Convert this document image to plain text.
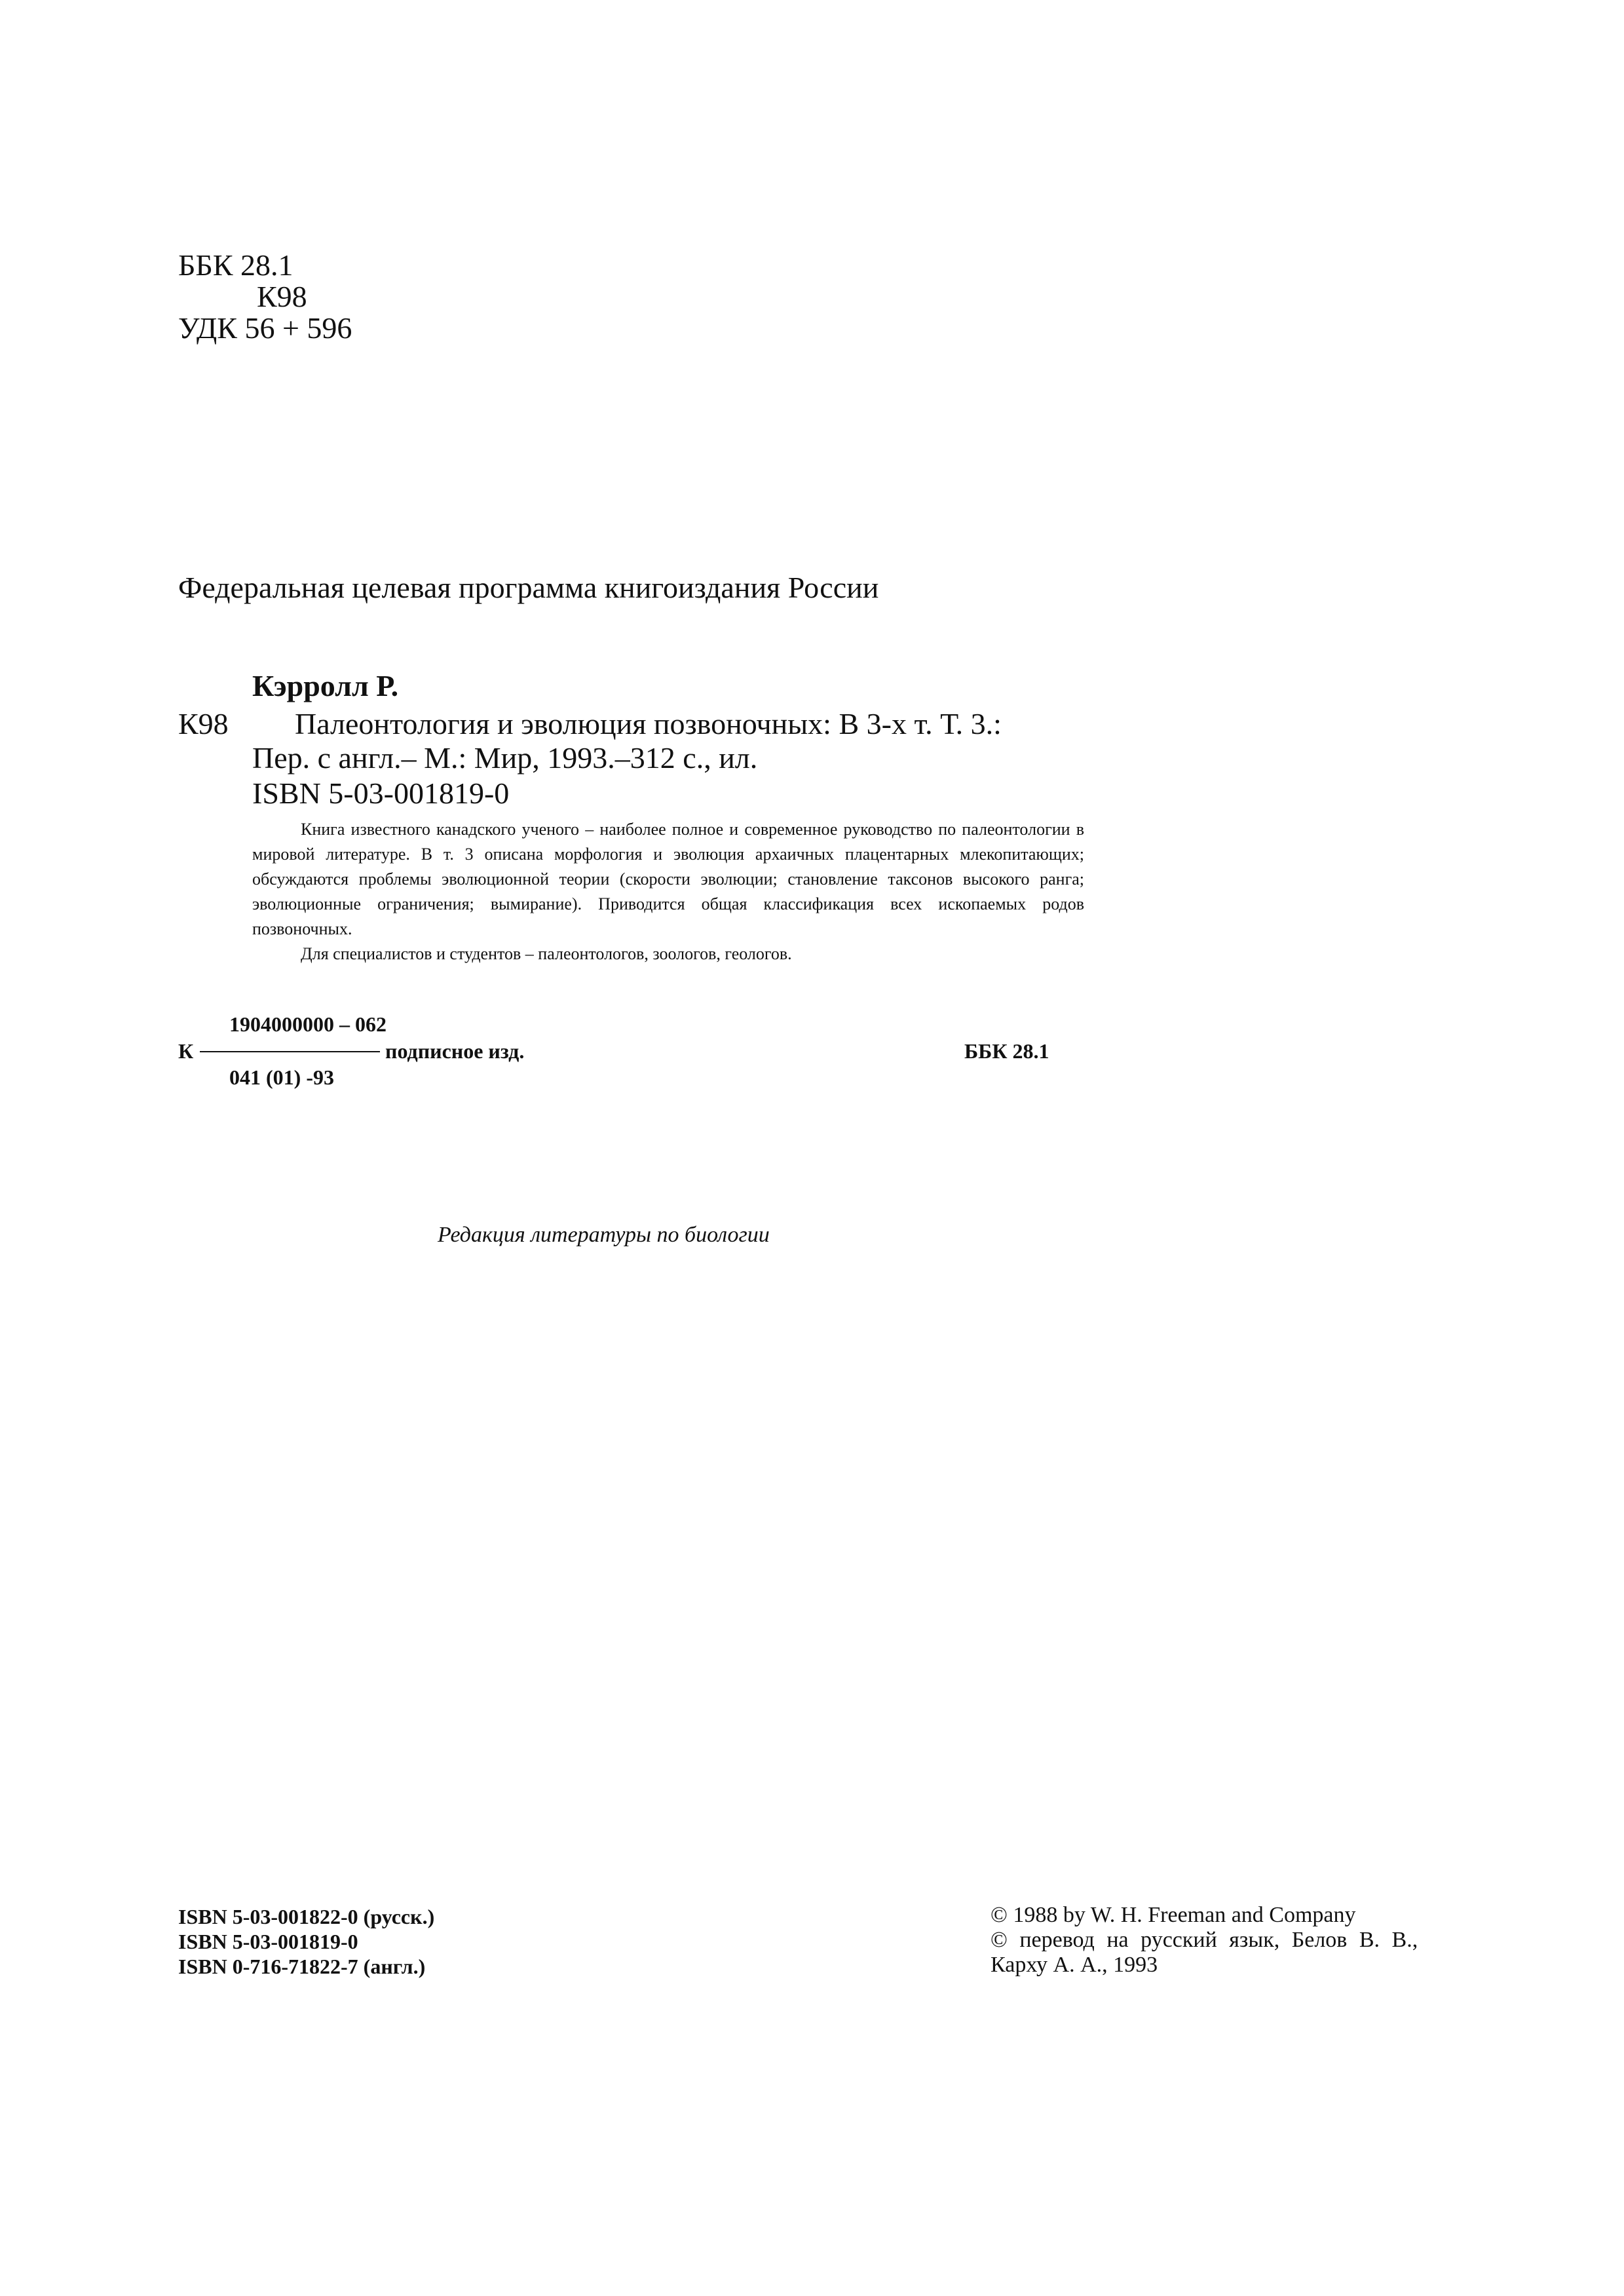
ББК 28.1
К98
УДК 56 + 596
Федеральная целевая программа книгоиздания России
Кэрролл Р.
К98 Палеонтология и эволюция позвоночных: В 3-х т. Т. 3.:
Пер. с англ.– М.: Мир, 1993.–312 с., ил.
ISBN 5-03-001819-0

Книга известного канадского ученого – наиболее полное и современное руководство по палеонтологии в мировой литературе. В т. 3 описана морфология и эволюция архаичных плацентарных млекопитающих; обсуждаются проблемы эволюционной теории (скорости эволюции; становление таксонов высокого ранга; эволюционные ограничения; вымирание). Приводится общая классификация всех ископаемых родов позвоночных.

Для специалистов и студентов – палеонтологов, зоологов, геологов.

1904000000 – 062
К	подписное изд.
041 (01) -93
ББК 28.1
Редакция литературы по биологии
ISBN 5-03-001822-0 (русск.)
ISBN 5-03-001819-0
ISBN 0-716-71822-7 (англ.)
© 1988 by W. H. Freeman and Company
© перевод на русский язык, Белов В. В.,
Карху А. А., 1993
